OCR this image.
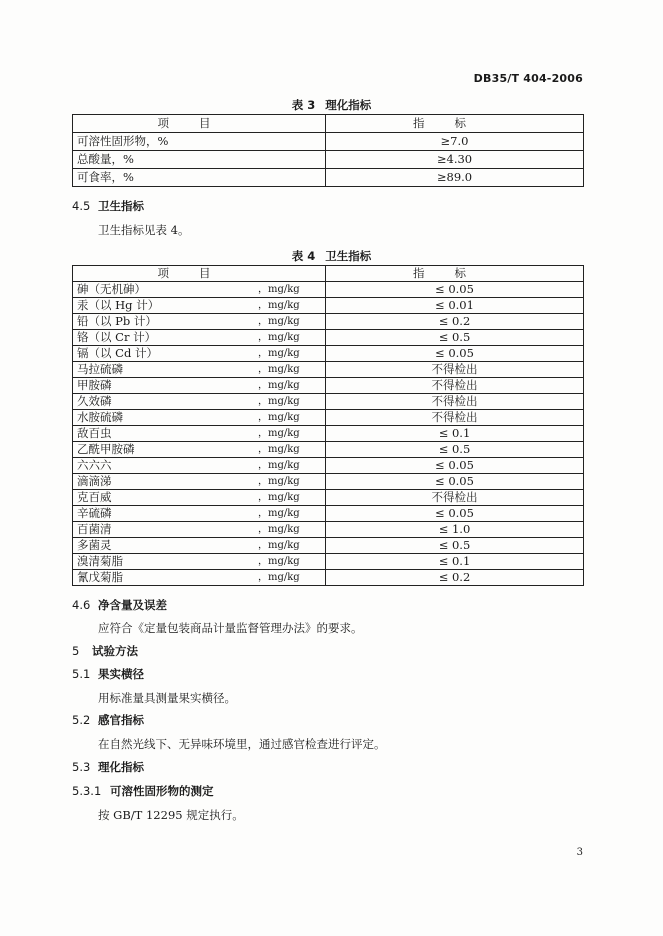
DB35/T 404-2006
表 3 理化指标
项目	指标
可溶性固形物，%	≥7.0
总酸量，%	≥4.30
可食率，%	≥89.0
4.5 卫生指标
卫生指标见表 4。
表 4 卫生指标
项目	指标
砷（无机砷） ，mg/kg	≤ 0.05
汞（以 Hg 计） ，mg/kg	≤ 0.01
铅（以 Pb 计） ，mg/kg	≤ 0.2
铬（以 Cr 计） ，mg/kg	≤ 0.5
镉（以 Cd 计） ，mg/kg	≤ 0.05
马拉硫磷 ，mg/kg	不得检出
甲胺磷 ，mg/kg	不得检出
久效磷 ，mg/kg	不得检出
水胺硫磷 ，mg/kg	不得检出
敌百虫 ，mg/kg	≤ 0.1
乙酰甲胺磷 ，mg/kg	≤ 0.5
六六六 ，mg/kg	≤ 0.05
滴滴涕 ，mg/kg	≤ 0.05
克百威 ，mg/kg	不得检出
辛硫磷 ，mg/kg	≤ 0.05
百菌清 ，mg/kg	≤ 1.0
多菌灵 ，mg/kg	≤ 0.5
溴清菊脂 ，mg/kg	≤ 0.1
氰戊菊脂 ，mg/kg	≤ 0.2
4.6 净含量及误差
应符合《定量包装商品计量监督管理办法》的要求。
5 试验方法
5.1 果实横径
用标准量具测量果实横径。
5.2 感官指标
在自然光线下、无异味环境里，通过感官检查进行评定。
5.3 理化指标
5.3.1 可溶性固形物的测定
按 GB/T 12295 规定执行。
3
